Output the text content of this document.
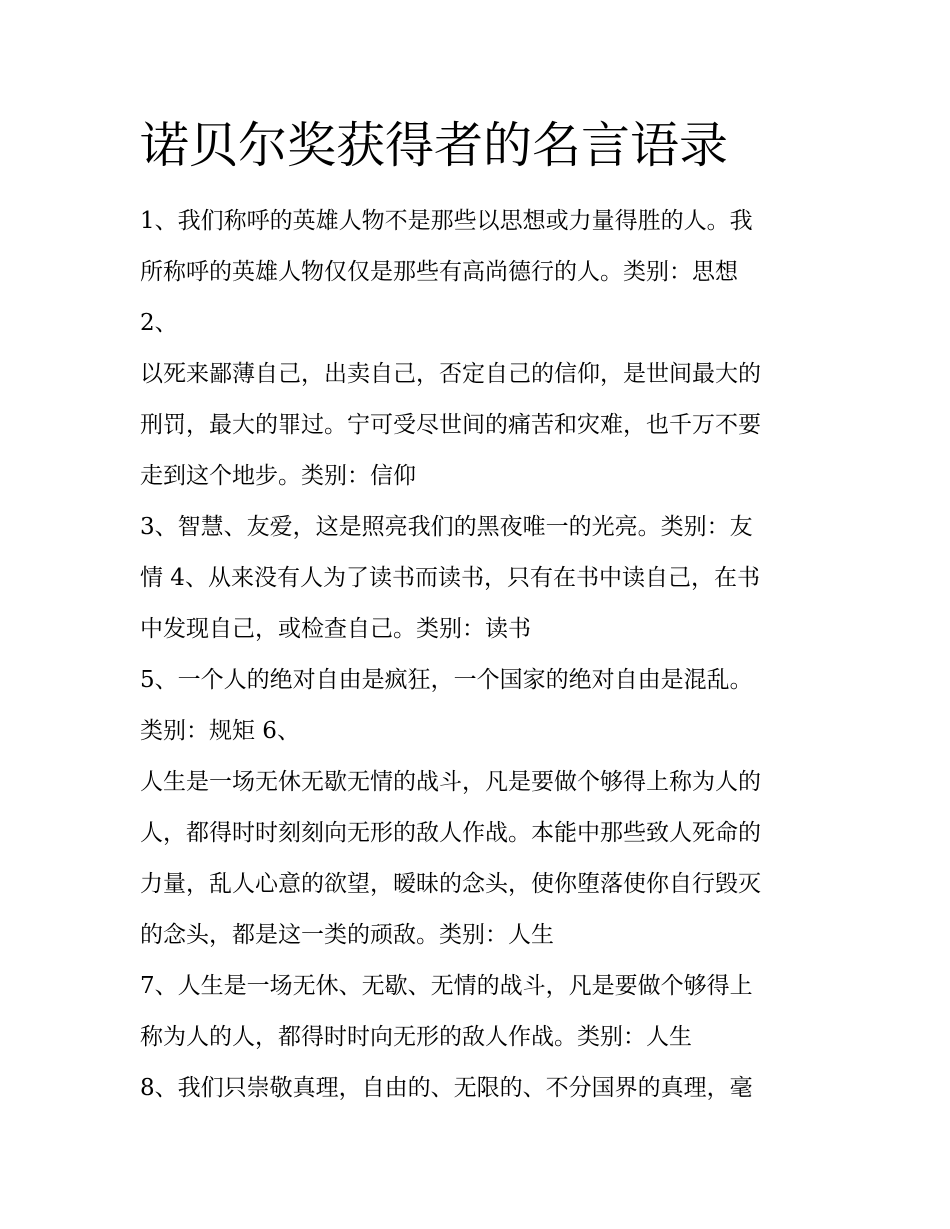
诺贝尔奖获得者的名言语录
1、我们称呼的英雄人物不是那些以思想或力量得胜的人。我
所称呼的英雄人物仅仅是那些有高尚德行的人。类别：思想
2、
以死来鄙薄自己，出卖自己，否定自己的信仰，是世间最大的
刑罚，最大的罪过。宁可受尽世间的痛苦和灾难，也千万不要
走到这个地步。类别：信仰
3、智慧、友爱，这是照亮我们的黑夜唯一的光亮。类别：友
情 4、从来没有人为了读书而读书，只有在书中读自己，在书
中发现自己，或检查自己。类别：读书
5、一个人的绝对自由是疯狂，一个国家的绝对自由是混乱。
类别：规矩 6、
人生是一场无休无歇无情的战斗，凡是要做个够得上称为人的
人，都得时时刻刻向无形的敌人作战。本能中那些致人死命的
力量，乱人心意的欲望，暧昧的念头，使你堕落使你自行毁灭
的念头，都是这一类的顽敌。类别：人生
7、人生是一场无休、无歇、无情的战斗，凡是要做个够得上
称为人的人，都得时时向无形的敌人作战。类别：人生
8、我们只崇敬真理，自由的、无限的、不分国界的真理，毫
